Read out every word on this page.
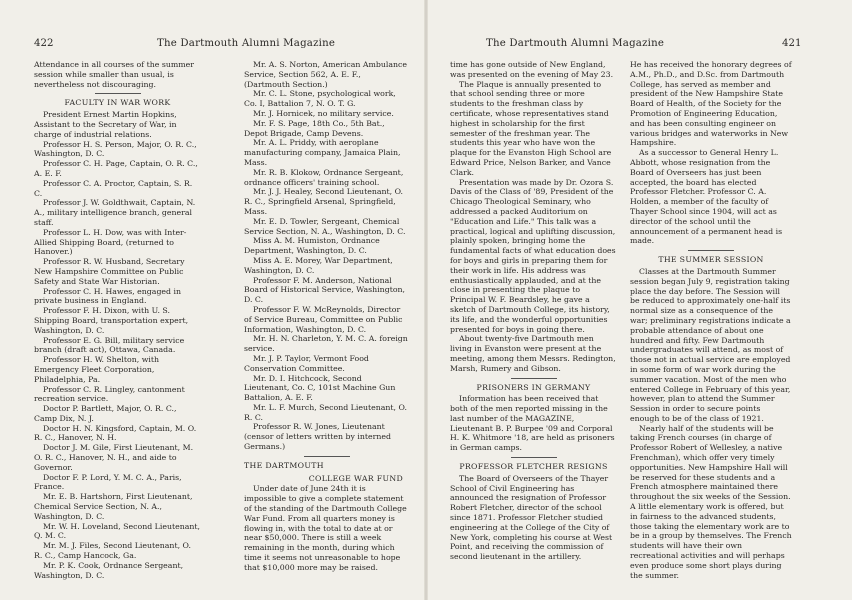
422	The Dartmouth Alumni Magazine

Attendance in all courses of the summer session while smaller than usual, is nevertheless not discouraging.

FACULTY IN WAR WORK

President Ernest Martin Hopkins, Assistant to the Secretary of War, in charge of industrial relations.

Professor H. S. Person, Major, O. R. C., Washington, D. C.

Professor C. H. Page, Captain, O. R. C., A. E. F.

Professor C. A. Proctor, Captain, S. R. C.

Professor J. W. Goldthwait, Captain, N. A., military intelligence branch, general staff.

Professor L. H. Dow, was with Inter-Allied Shipping Board, (returned to Hanover.)

Professor R. W. Husband, Secretary New Hampshire Committee on Public Safety and State War Historian.

Professor C. H. Hawes, engaged in private business in England.

Professor F. H. Dixon, with U. S. Shipping Board, transportation expert, Washington, D. C.

Professor E. G. Bill, military service branch (draft act), Ottawa, Canada.

Professor H. W. Shelton, with Emergency Fleet Corporation, Philadelphia, Pa.

Professor C. R. Lingley, cantonment recreation service.

Doctor P. Bartlett, Major, O. R. C., Camp Dix, N. J.

Doctor H. N. Kingsford, Captain, M. O. R. C., Hanover, N. H.

Doctor J. M. Gile, First Lieutenant, M. O. R. C., Hanover, N. H., and aide to Governor.

Doctor F. P. Lord, Y. M. C. A., Paris, France.

Mr. E. B. Hartshorn, First Lieutenant, Chemical Service Section, N. A., Washington, D. C.

Mr. W. H. Loveland, Second Lieutenant, Q. M. C.

Mr. M. J. Files, Second Lieutenant, O. R. C., Camp Hancock, Ga.

Mr. P. K. Cook, Ordnance Sergeant, Washington, D. C.

Mr. A. S. Norton, American Ambulance Service, Section 562, A. E. F., (Dartmouth Section.)

Mr. C. L. Stone, psychological work, Co. I, Battalion 7, N. O. T. G.

Mr. J. Hornicek, no military service.

Mr. F. S. Page, 18th Co., 5th Bat., Depot Brigade, Camp Devens.

Mr. A. L. Priddy, with aeroplane manufacturing company, Jamaica Plain, Mass.

Mr. R. B. Klokow, Ordnance Sergeant, ordnance officers' training school.

Mr. J. J. Healey, Second Lieutenant, O. R. C., Springfield Arsenal, Springfield, Mass.

Mr. E. D. Towler, Sergeant, Chemical Service Section, N. A., Washington, D. C.

Miss A. M. Humiston, Ordnance Department, Washington, D. C.

Miss A. E. Morey, War Department, Washington, D. C.

Professor F. M. Anderson, National Board of Historical Service, Washington, D. C.

Professor F. W. McReynolds, Director of Service Bureau, Committee on Public Information, Washington, D. C.

Mr. H. N. Charleton, Y. M. C. A. foreign service.

Mr. J. P. Taylor, Vermont Food Conservation Committee.

Mr. D. I. Hitchcock, Second Lieutenant, Co. C, 101st Machine Gun Battalion, A. E. F.

Mr. L. F. Murch, Second Lieutenant, O. R. C.

Professor R. W. Jones, Lieutenant (censor of letters written by interned Germans.)

THE DARTMOUTH
COLLEGE WAR FUND

Under date of June 24th it is impossible to give a complete statement of the standing of the Dartmouth College War Fund. From all quarters money is flowing in, with the total to date at or near $50,000. There is still a week remaining in the month, during which time it seems not unreasonable to hope that $10,000 more may be raised.

The Dartmouth Alumni Magazine	421

time has gone outside of New England, was presented on the evening of May 23.

The Plaque is annually presented to that school sending three or more students to the freshman class by certificate, whose representatives stand highest in scholarship for the first semester of the freshman year. The students this year who have won the plaque for the Evanston High School are Edward Price, Nelson Barker, and Vance Clark.

Presentation was made by Dr. Ozora S. Davis of the Class of '89, President of the Chicago Theological Seminary, who addressed a packed Auditorium on "Education and Life." This talk was a practical, logical and uplifting discussion, plainly spoken, bringing home the fundamental facts of what education does for boys and girls in preparing them for their work in life. His address was enthusiastically applauded, and at the close in presenting the plaque to Principal W. F. Beardsley, he gave a sketch of Dartmouth College, its history, its life, and the wonderful opportunities presented for boys in going there.

About twenty-five Dartmouth men living in Evanston were present at the meeting, among them Messrs. Redington, Marsh, Rumery and Gibson.

PRISONERS IN GERMANY

Information has been received that both of the men reported missing in the last number of the MAGAZINE, Lieutenant B. P. Burpee '09 and Corporal H. K. Whitmore '18, are held as prisoners in German camps.

PROFESSOR FLETCHER RESIGNS

The Board of Overseers of the Thayer School of Civil Engineering has announced the resignation of Professor Robert Fletcher, director of the school since 1871. Professor Fletcher studied engineering at the College of the City of New York, completing his course at West Point, and receiving the commission of second lieutenant in the artillery.

He has received the honorary degrees of A.M., Ph.D., and D.Sc. from Dartmouth College, has served as member and president of the New Hampshire State Board of Health, of the Society for the Promotion of Engineering Education, and has been consulting engineer on various bridges and waterworks in New Hampshire.

As a successor to General Henry L. Abbott, whose resignation from the Board of Overseers has just been accepted, the board has elected Professor Fletcher. Professor C. A. Holden, a member of the faculty of Thayer School since 1904, will act as director of the school until the announcement of a permanent head is made.

THE SUMMER SESSION

Classes at the Dartmouth Summer session began July 9, registration taking place the day before. The Session will be reduced to approximately one-half its normal size as a consequence of the war; preliminary registrations indicate a probable attendance of about one hundred and fifty. Few Dartmouth undergraduates will attend, as most of those not in actual service are employed in some form of war work during the summer vacation. Most of the men who entered College in February of this year, however, plan to attend the Summer Session in order to secure points enough to be of the class of 1921.

Nearly half of the students will be taking French courses (in charge of Professor Robert of Wellesley, a native Frenchman), which offer very timely opportunities. New Hampshire Hall will be reserved for these students and a French atmosphere maintained there throughout the six weeks of the Session. A little elementary work is offered, but in fairness to the advanced students, those taking the elementary work are to be in a group by themselves. The French students will have their own recreational activities and will perhaps even produce some short plays during the summer.
